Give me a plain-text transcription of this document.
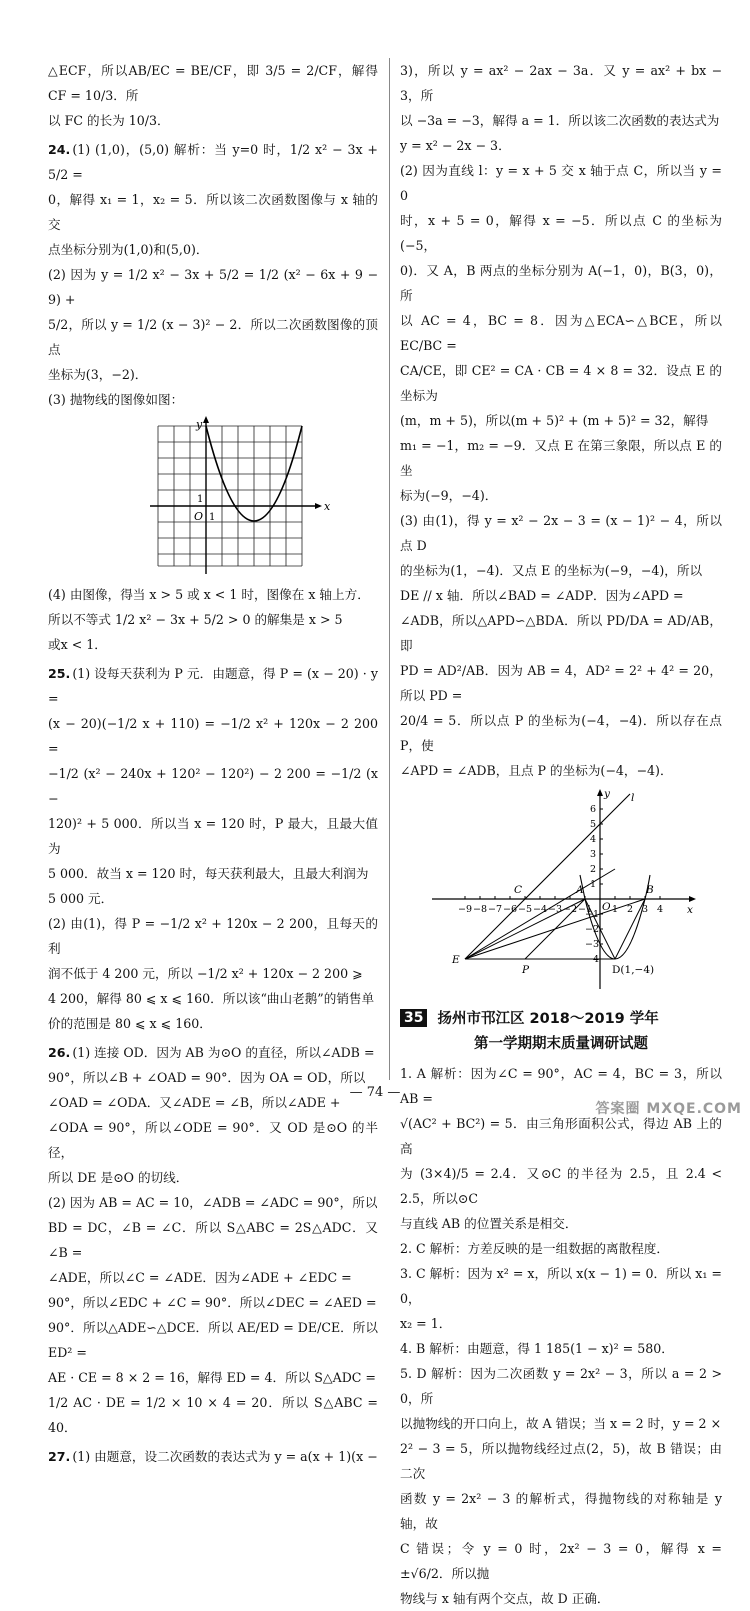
△ECF，所以AB/EC = BE/CF，即 3/5 = 2/CF，解得 CF = 10/3．所

以 FC 的长为 10/3．

24. (1) (1,0)，(5,0) 解析：当 y=0 时，1/2 x² − 3x + 5/2 =

0，解得 x₁ = 1，x₂ = 5．所以该二次函数图像与 x 轴的交

点坐标分别为(1,0)和(5,0)．

(2) 因为 y = 1/2 x² − 3x + 5/2 = 1/2 (x² − 6x + 9 − 9) +

5/2，所以 y = 1/2 (x − 3)² − 2．所以二次函数图像的顶点

坐标为(3，−2)．

(3) 抛物线的图像如图：

y
x
O 1
1

(4) 由图像，得当 x > 5 或 x < 1 时，图像在 x 轴上方．

所以不等式 1/2 x² − 3x + 5/2 > 0 的解集是 x > 5

或x < 1．

25. (1) 设每天获利为 P 元．由题意，得 P = (x − 20) · y =

(x − 20)(−1/2 x + 110) = −1/2 x² + 120x − 2 200 =

−1/2 (x² − 240x + 120² − 120²) − 2 200 = −1/2 (x −

120)² + 5 000．所以当 x = 120 时，P 最大，且最大值为

5 000．故当 x = 120 时，每天获利最大，且最大利润为

5 000 元．

(2) 由(1)，得 P = −1/2 x² + 120x − 2 200，且每天的利

润不低于 4 200 元，所以 −1/2 x² + 120x − 2 200 ⩾

4 200，解得 80 ⩽ x ⩽ 160．所以该“曲山老鹅”的销售单

价的范围是 80 ⩽ x ⩽ 160．

26. (1) 连接 OD．因为 AB 为⊙O 的直径，所以∠ADB =

90°，所以∠B + ∠OAD = 90°．因为 OA = OD，所以

∠OAD = ∠ODA．又∠ADE = ∠B，所以∠ADE +

∠ODA = 90°，所以∠ODE = 90°．又 OD 是⊙O 的半径，

所以 DE 是⊙O 的切线．

(2) 因为 AB = AC = 10，∠ADB = ∠ADC = 90°，所以

BD = DC，∠B = ∠C．所以 S△ABC = 2S△ADC．又∠B =

∠ADE，所以∠C = ∠ADE．因为∠ADE + ∠EDC =

90°，所以∠EDC + ∠C = 90°．所以∠DEC = ∠AED =

90°．所以△ADE∽△DCE．所以 AE/ED = DE/CE．所以 ED² =

AE · CE = 8 × 2 = 16，解得 ED = 4．所以 S△ADC =

1/2 AC · DE = 1/2 × 10 × 4 = 20．所以 S△ABC = 40．

27. (1) 由题意，设二次函数的表达式为 y = a(x + 1)(x −

3)，所以 y = ax² − 2ax − 3a．又 y = ax² + bx − 3，所

以 −3a = −3，解得 a = 1．所以该二次函数的表达式为

y = x² − 2x − 3．

(2) 因为直线 l：y = x + 5 交 x 轴于点 C，所以当 y = 0

时，x + 5 = 0，解得 x = −5．所以点 C 的坐标为(−5，

0)．又 A，B 两点的坐标分别为 A(−1，0)，B(3，0)，所

以 AC = 4，BC = 8．因为△ECA∽△BCE，所以 EC/BC =

CA/CE，即 CE² = CA · CB = 4 × 8 = 32．设点 E 的坐标为

(m，m + 5)，所以(m + 5)² + (m + 5)² = 32，解得

m₁ = −1，m₂ = −9．又点 E 在第三象限，所以点 E 的坐

标为(−9，−4)．

(3) 由(1)，得 y = x² − 2x − 3 = (x − 1)² − 4，所以点 D

的坐标为(1，−4)．又点 E 的坐标为(−9，−4)，所以

DE // x 轴．所以∠BAD = ∠ADP．因为∠APD =

∠ADB，所以△APD∽△BDA．所以 PD/DA = AD/AB，即

PD = AD²/AB．因为 AB = 4，AD² = 2² + 4² = 20，所以 PD =

20/4 = 5．所以点 P 的坐标为(−4，−4)．所以存在点 P，使

∠APD = ∠ADB，且点 P 的坐标为(−4，−4)．

−9 −8 −7 −6 −5 −4 −3 −2 −1 1 2 3 4
6
5
4
3
2
1
−1
−2
−3
−4
y
x
l
O
C	A	B
E
P	D(1,−4)
35 扬州市邗江区 2018～2019 学年
第一学期期末质量调研试题

1. A 解析：因为∠C = 90°，AC = 4，BC = 3，所以 AB =

√(AC² + BC²) = 5．由三角形面积公式，得边 AB 上的高

为 (3×4)/5 = 2.4．又⊙C 的半径为 2.5，且 2.4 < 2.5，所以⊙C

与直线 AB 的位置关系是相交．

2. C 解析：方差反映的是一组数据的离散程度．

3. C 解析：因为 x² = x，所以 x(x − 1) = 0．所以 x₁ = 0，

x₂ = 1．

4. B 解析：由题意，得 1 185(1 − x)² = 580．

5. D 解析：因为二次函数 y = 2x² − 3，所以 a = 2 > 0，所

以抛物线的开口向上，故 A 错误；当 x = 2 时，y = 2 ×

2² − 3 = 5，所以抛物线经过点(2，5)，故 B 错误；由二次

函数 y = 2x² − 3 的解析式，得抛物线的对称轴是 y 轴，故

C 错误；令 y = 0 时，2x² − 3 = 0，解得 x = ±√6/2．所以抛

物线与 x 轴有两个交点，故 D 正确．

— 74 —
答案圈 MXQE.COM
